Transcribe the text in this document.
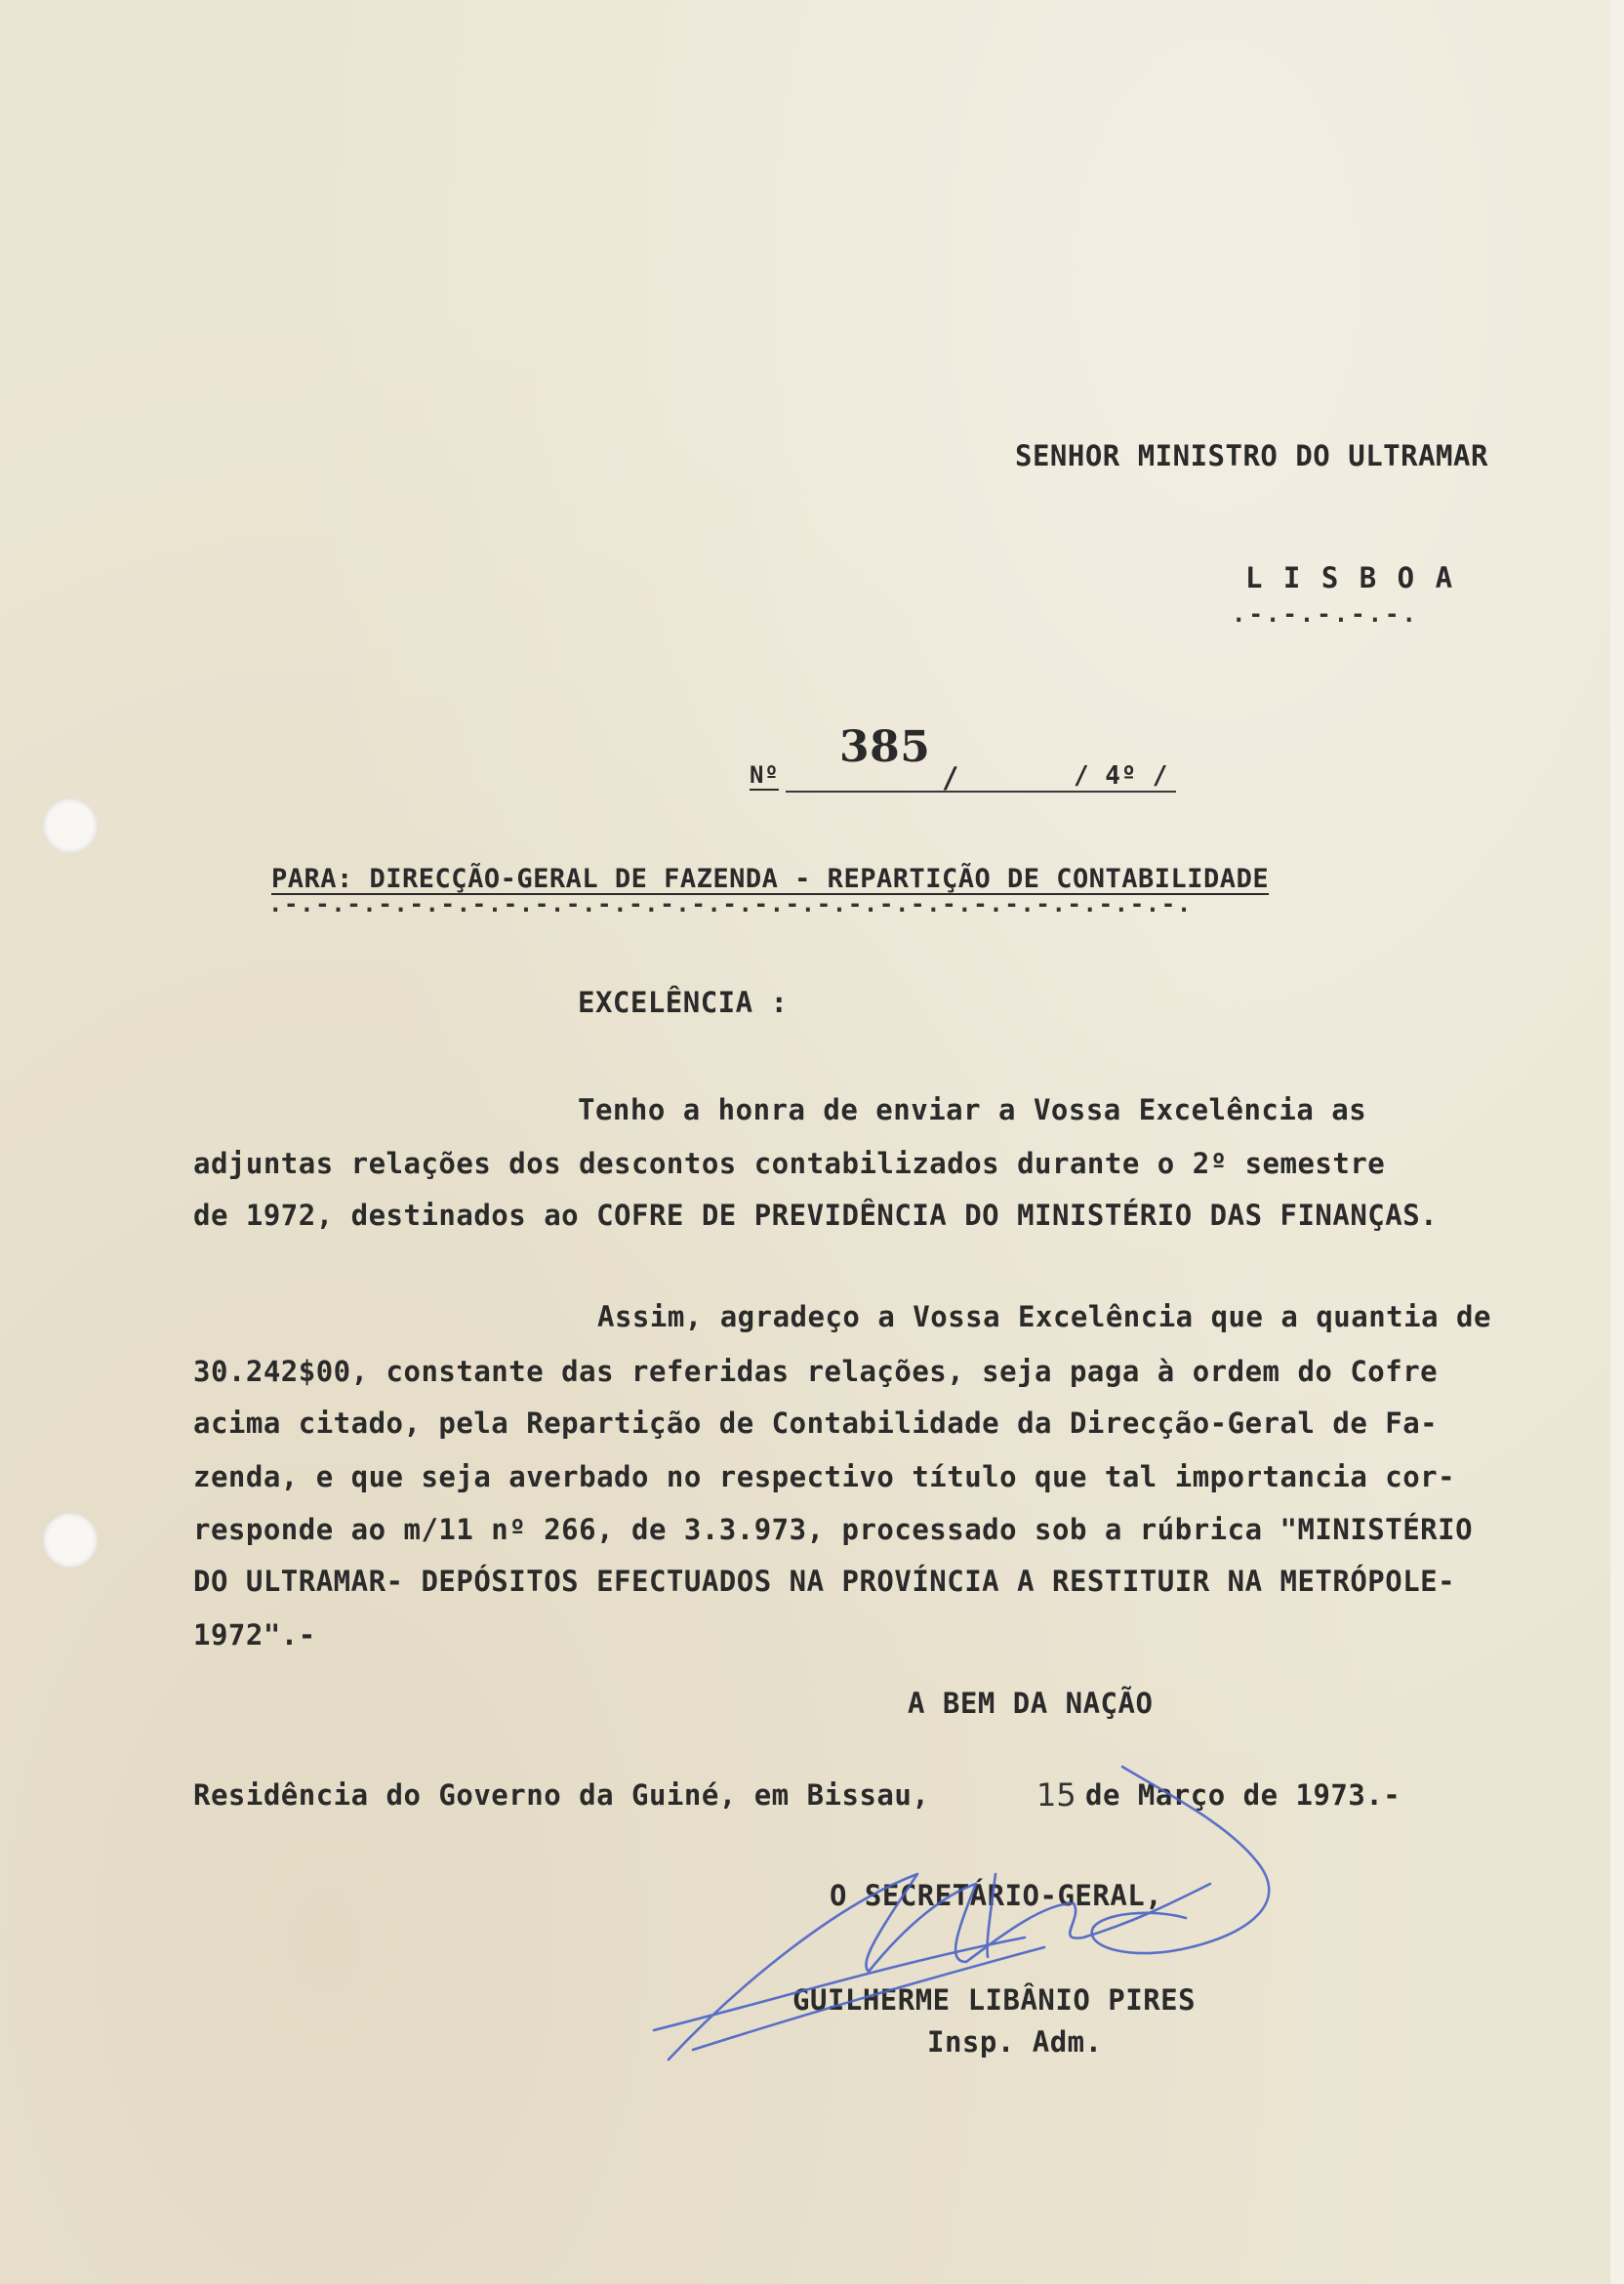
SENHOR MINISTRO DO ULTRAMAR
L I S B O A
.-.-.-.-.-.
Nº
385
/	/ 4º /
PARA: DIRECÇÃO-GERAL DE FAZENDA - REPARTIÇÃO DE CONTABILIDADE
.-.-.-.-.-.-.-.-.-.-.-.-.-.-.-.-.-.-.-.-.-.-.-.-.-.-.-.-.-.
EXCELÊNCIA :
Tenho a honra de enviar a Vossa Excelência as
adjuntas relações dos descontos contabilizados durante o 2º semestre
de 1972, destinados ao COFRE DE PREVIDÊNCIA DO MINISTÉRIO DAS FINANÇAS.
Assim, agradeço a Vossa Excelência que a quantia de
30.242$00, constante das referidas relações, seja paga à ordem do Cofre
acima citado, pela Repartição de Contabilidade da Direcção-Geral de Fa-
zenda, e que seja averbado no respectivo título que tal importancia cor-
responde ao m/11 nº 266, de 3.3.973, processado sob a rúbrica "MINISTÉRIO
DO ULTRAMAR- DEPÓSITOS EFECTUADOS NA PROVÍNCIA A RESTITUIR NA METRÓPOLE-
1972".-
A BEM DA NAÇÃO
Residência do Governo da Guiné, em Bissau,	15 de Março de 1973.-
O SECRETÁRIO-GERAL,
GUILHERME LIBÂNIO PIRES
Insp. Adm.
